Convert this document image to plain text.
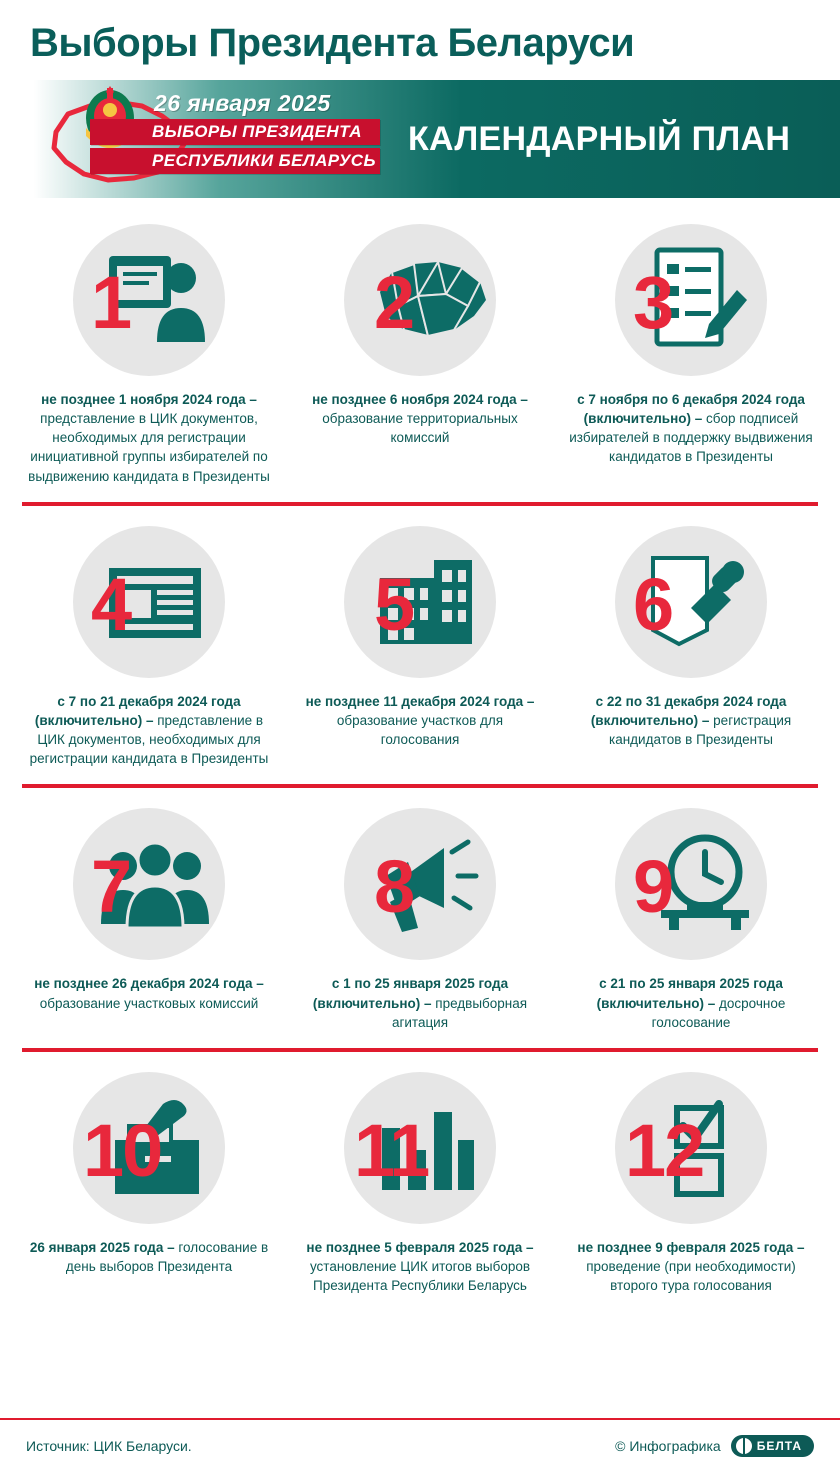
Выборы Президента Беларуси
26 января 2025
ВЫБОРЫ ПРЕЗИДЕНТА
РЕСПУБЛИКИ БЕЛАРУСЬ
КАЛЕНДАРНЫЙ ПЛАН
1
не позднее 1 ноября 2024 года – представление в ЦИК документов, необходимых для регистрации инициативной группы избирателей по выдвижению кандидата в Президенты
2
не позднее 6 ноября 2024 года – образование территориальных комиссий
3
с 7 ноября по 6 декабря 2024 года (включительно) – сбор подписей избирателей в поддержку выдвижения кандидатов в Президенты
4
с 7 по 21 декабря 2024 года (включительно) – представление в ЦИК документов, необходимых для регистрации кандидата в Президенты
5
не позднее 11 декабря 2024 года – образование участков для голосования
6
с 22 по 31 декабря 2024 года (включительно) – регистрация кандидатов в Президенты
7
не позднее 26 декабря 2024 года – образование участковых комиссий
8
с 1 по 25 января 2025 года (включительно) – предвыборная агитация
9
с 21 по 25 января 2025 года (включительно) – досрочное голосование
10
26 января 2025 года – голосование в день выборов Президента
11
не позднее 5 февраля 2025 года – установление ЦИК итогов выборов Президента Республики Беларусь
12
не позднее 9 февраля 2025 года – проведение (при необходимости) второго тура голосования
Источник: ЦИК Беларуси.	© Инфографика	БЕЛТА
